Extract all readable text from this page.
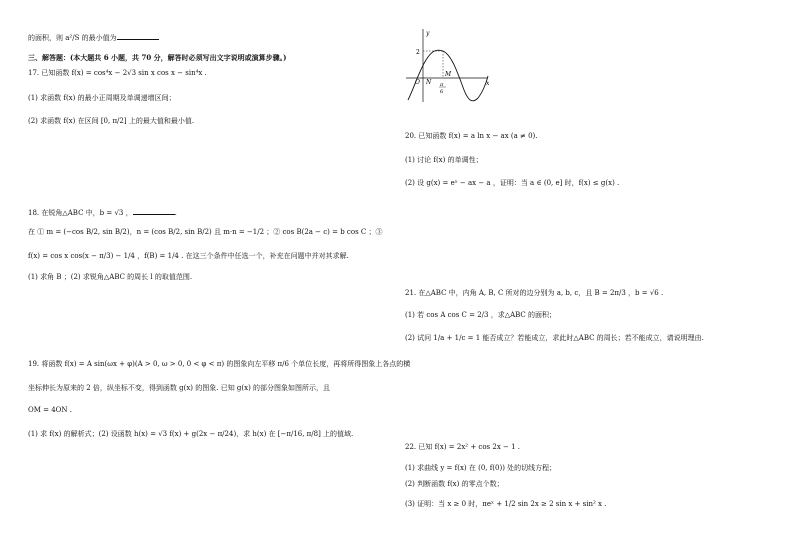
的面积，则 a²/S 的最小值为
三、解答题：(本大题共 6 小题，共 70 分，解答时必须写出文字说明或演算步骤。)
17. 已知函数 f(x) = cos⁴x − 2√3 sin x cos x − sin⁴x .
(1) 求函数 f(x) 的最小正周期及单调递增区间；
(2) 求函数 f(x) 在区间 [0, π/2] 上的最大值和最小值.
18. 在锐角△ABC 中，b = √3 ，	.
在 ① m = (−cos B/2, sin B/2)，n = (cos B/2, sin B/2) 且 m·n = −1/2 ；② cos B(2a − c) = b cos C ；③
f(x) = cos x cos(x − π/3) − 1/4 ，f(B) = 1/4 . 在这三个条件中任选一个，补充在问题中并对其求解.
(1) 求角 B ；(2) 求锐角△ABC 的周长 l 的取值范围.
19. 将函数 f(x) = A sin(ωx + φ)(A > 0, ω > 0, 0 < φ < π) 的图象向左平移 π/6 个单位长度，再将所得图象上各点的横
坐标伸长为原来的 2 倍，纵坐标不变，得到函数 g(x) 的图象. 已知 g(x) 的部分图象如图所示，且
OM = 4ON .
(1) 求 f(x) 的解析式；(2) 设函数 h(x) = √3 f(x) + g(2x − π/24)，求 h(x) 在 [−π/16, π/8] 上的值域.
y
x
O N
M
2
π
6
20. 已知函数 f(x) = a ln x − ax (a ≠ 0).
(1) 讨论 f(x) 的单调性；
(2) 设 g(x) = eˣ − ax − a ，证明：当 a ∈ (0, e] 时，f(x) ≤ g(x) .
21. 在△ABC 中，内角 A, B, C 所对的边分别为 a, b, c，且 B = 2π/3 ，b = √6 .
(1) 若 cos A cos C = 2/3 ，求△ABC 的面积；
(2) 试问 1/a + 1/c = 1 能否成立？若能成立，求此时△ABC 的周长；若不能成立，请说明理由.
22. 已知 f(x) = 2x² + cos 2x − 1 .
(1) 求曲线 y = f(x) 在 (0, f(0)) 处的切线方程；
(2) 判断函数 f(x) 的零点个数；
(3) 证明：当 x ≥ 0 时，πeˣ + 1/2 sin 2x ≥ 2 sin x + sin² x .
